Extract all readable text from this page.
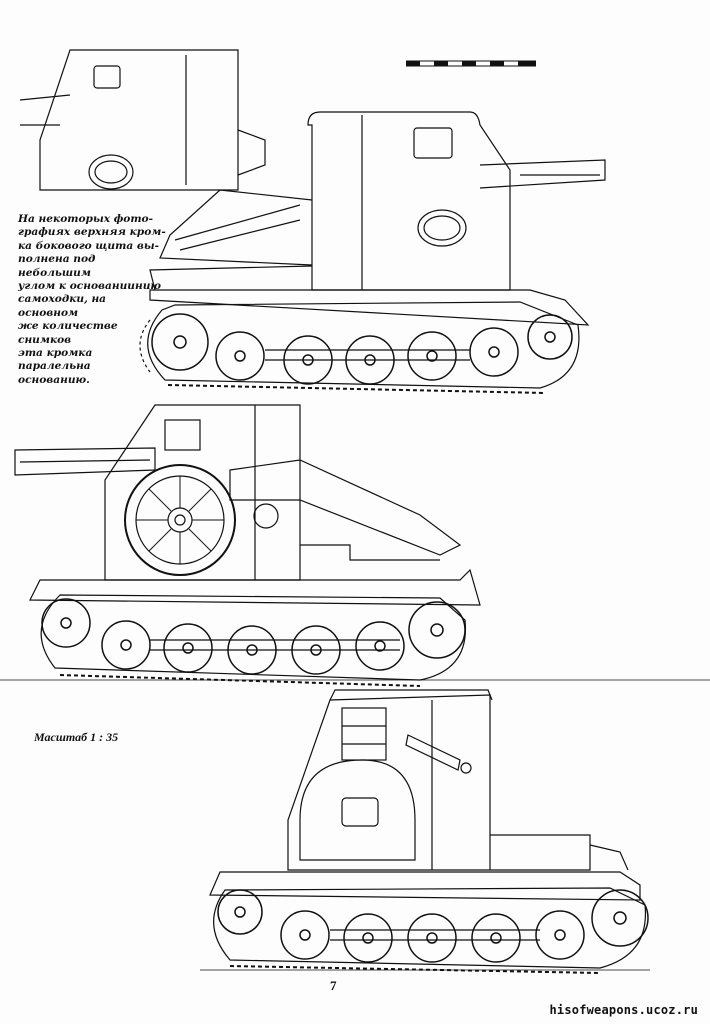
На некоторых фото-
графиях верхняя кром-
ка бокового щита вы-
полнена под небольшим
углом к основаниинию
самоходки, на основном
же количестве снимков
эта кромка паралельна
основанию.
Масштаб 1 : 35
7
hisofweapons.ucoz.ru
